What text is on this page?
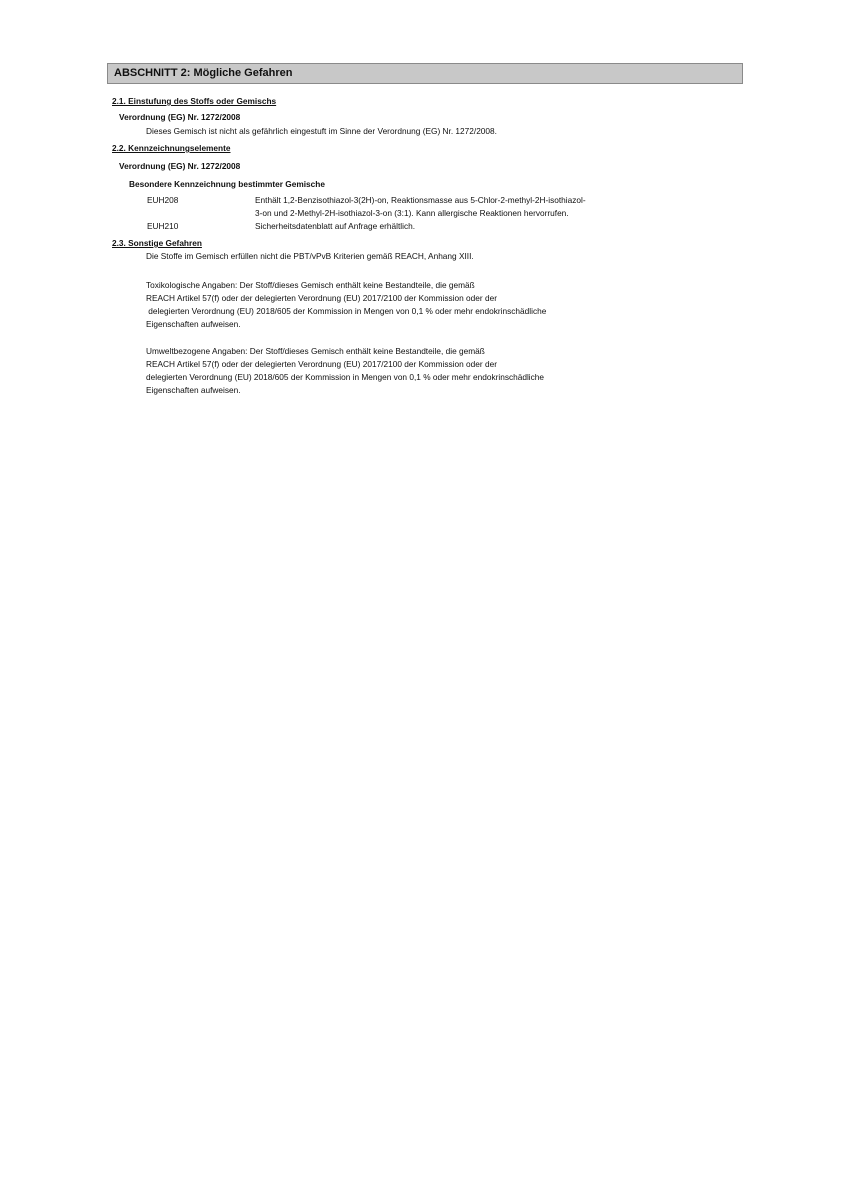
ABSCHNITT 2: Mögliche Gefahren
2.1. Einstufung des Stoffs oder Gemischs
Verordnung (EG) Nr. 1272/2008
Dieses Gemisch ist nicht als gefährlich eingestuft im Sinne der Verordnung (EG) Nr. 1272/2008.
2.2. Kennzeichnungselemente
Verordnung (EG) Nr. 1272/2008
Besondere Kennzeichnung bestimmter Gemische
EUH208	Enthält 1,2-Benzisothiazol-3(2H)-on, Reaktionsmasse aus 5-Chlor-2-methyl-2H-isothiazol-
3-on und 2-Methyl-2H-isothiazol-3-on (3:1). Kann allergische Reaktionen hervorrufen.
EUH210	Sicherheitsdatenblatt auf Anfrage erhältlich.
2.3. Sonstige Gefahren
Die Stoffe im Gemisch erfüllen nicht die PBT/vPvB Kriterien gemäß REACH, Anhang XIII.
Toxikologische Angaben: Der Stoff/dieses Gemisch enthält keine Bestandteile, die gemäß
REACH Artikel 57(f) oder der delegierten Verordnung (EU) 2017/2100 der Kommission oder der
delegierten Verordnung (EU) 2018/605 der Kommission in Mengen von 0,1 % oder mehr endokrinschädliche
Eigenschaften aufweisen.
Umweltbezogene Angaben: Der Stoff/dieses Gemisch enthält keine Bestandteile, die gemäß
REACH Artikel 57(f) oder der delegierten Verordnung (EU) 2017/2100 der Kommission oder der
delegierten Verordnung (EU) 2018/605 der Kommission in Mengen von 0,1 % oder mehr endokrinschädliche
Eigenschaften aufweisen.
